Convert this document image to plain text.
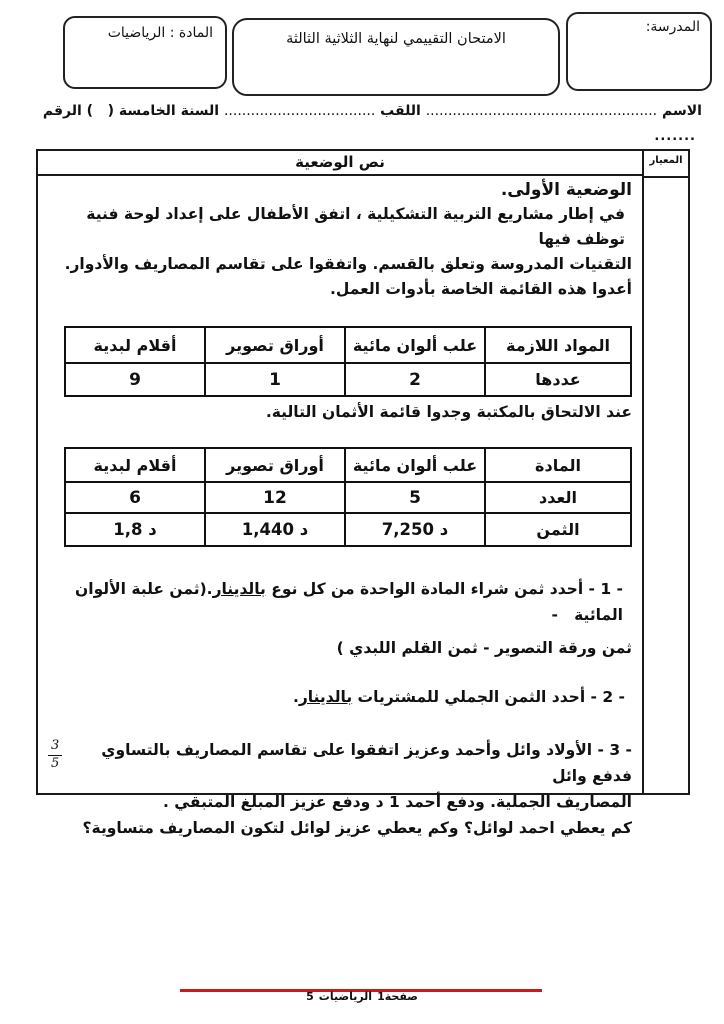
المدرسة:
الامتحان التقييمي لنهاية الثلاثية الثالثة
المادة : الرياضيات
الاسم .................................................... اللقب .................................. السنة الخامسة (   ) الرقم
.......
المعيار
نص الوضعية
الوضعية الأولى.

في إطار مشاريع التربية التشكيلية ، اتفق الأطفال على إعداد لوحة فنية توظف فيها

التقنيات المدروسة وتعلق بالقسم. واتفقوا على تقاسم المصاريف والأدوار.

أعدوا هذه القائمة الخاصة بأدوات العمل.

المواد اللازمة	علب ألوان مائية	أوراق تصوير	أقلام لبدية
عددها	2	1	9
عند الالتحاق بالمكتبة وجدوا قائمة الأثمان التالية.
المادة	علب ألوان مائية	أوراق تصوير	أقلام لبدية
العدد	5	12	6
الثمن	7,250 د	1,440 د	1,8 د
- 1 - أحدد ثمن شراء المادة الواحدة من كل نوع بالدينار.(ثمن علبة الألوان المائية   -
ثمن ورقة التصوير - ثمن القلم اللبدي )
- 2 - أحدد الثمن الجملي للمشتريات بالدينار.
- 3 - الأولاد وائل وأحمد وعزيز اتفقوا على تقاسم المصاريف بالتساوي فدفع وائل
$\frac{3}{5}$
المصاريف الجملية. ودفع أحمد 1 د ودفع عزيز المبلغ المتبقي .
كم يعطي احمد لوائل؟ وكم يعطي عزيز لوائل لتكون المصاريف متساوية؟
5 الرياضيات صفحة1
